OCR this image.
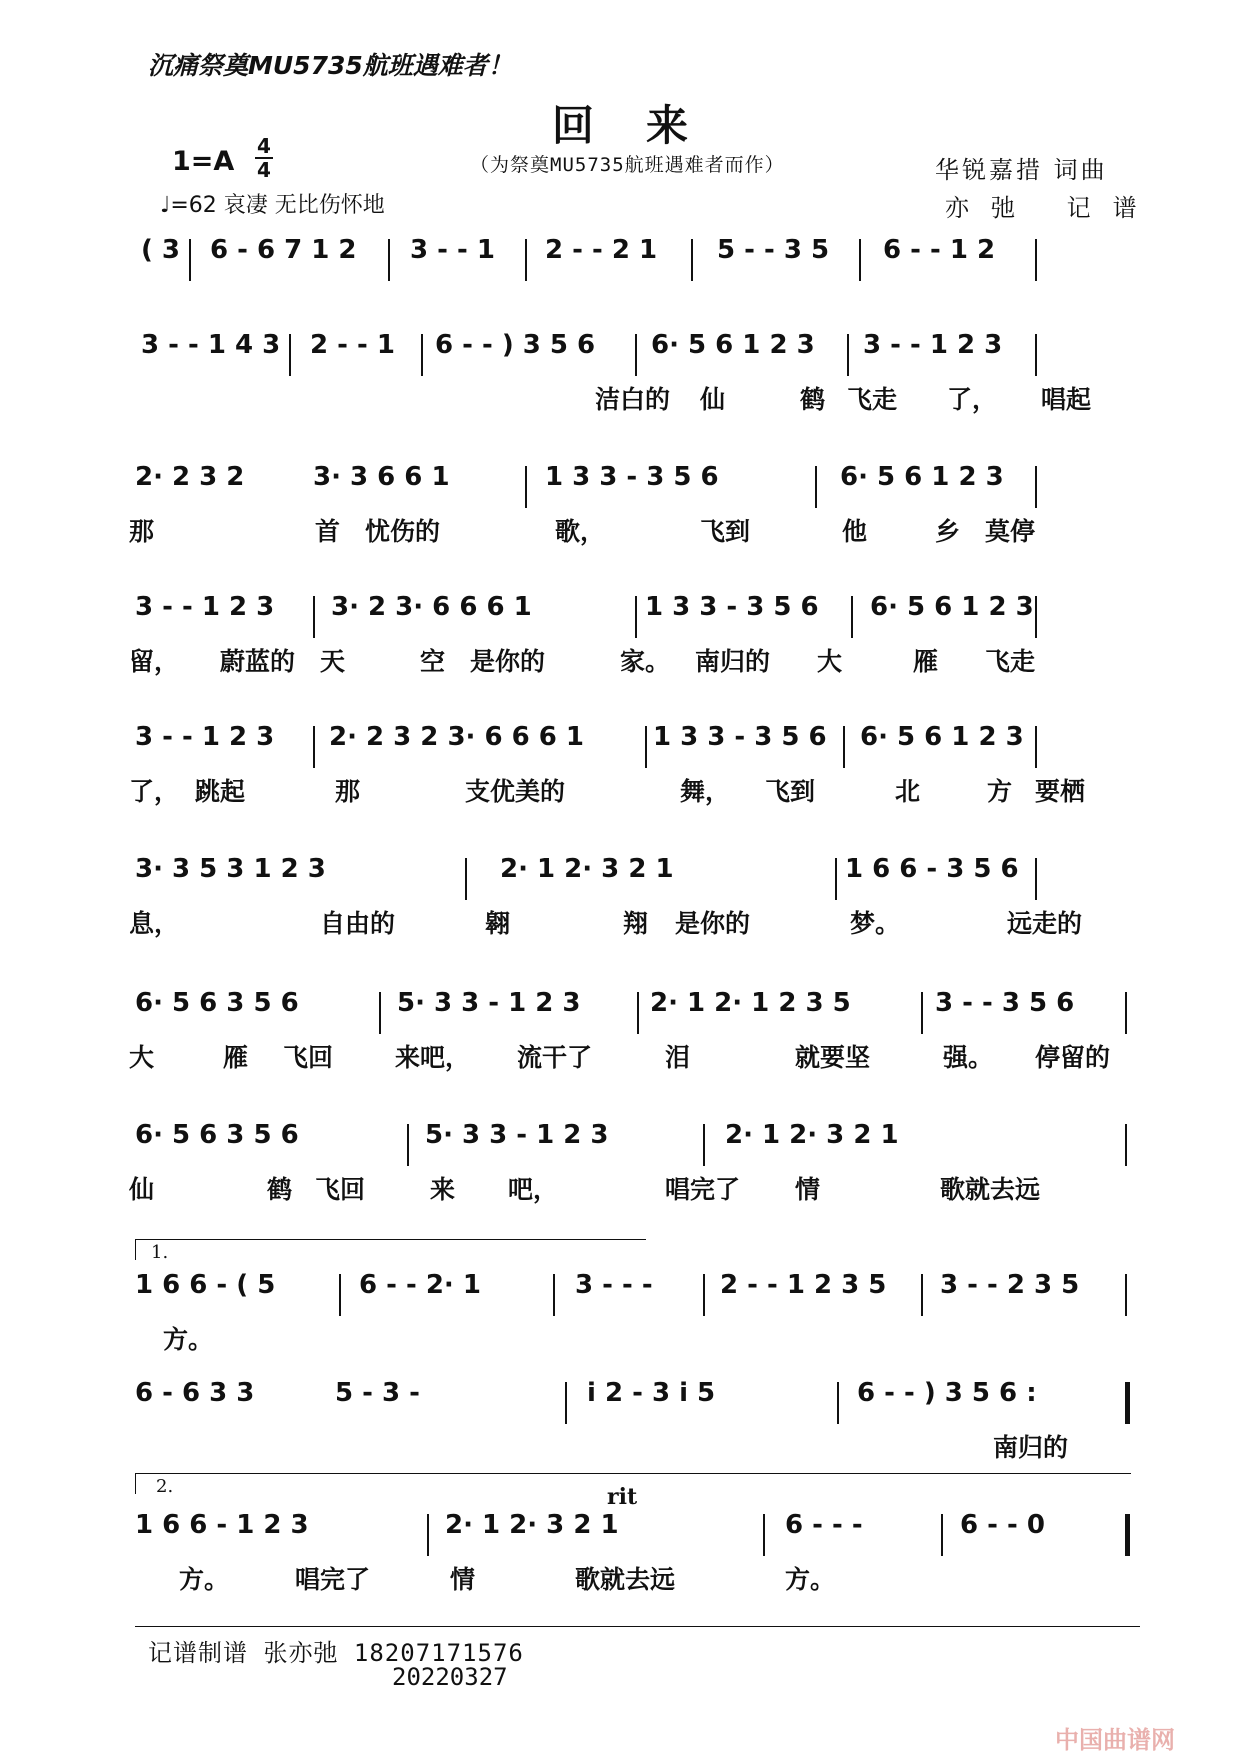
沉痛祭奠MU5735航班遇难者！
回来
（为祭奠MU5735航班遇难者而作）
1=A 4
4
♩=62 哀凄 无比伤怀地
华锐嘉措 词曲
亦弛 记谱
( 3 6 - 6 7 1 2 3 - - 1 2 - - 2 1 5 - - 3 5 6 - - 1 2
3 - - 1 4 3 2 - - 1 6 - - ) 3 5 6 6· 5 6 1 2 3 3 - - 1 2 3
洁白的 仙	鹤 飞走 了， 唱起
2· 2 3 2	3· 3 6 6 1	1 3 3 - 3 5 6	6· 5 6 1 2 3
那	首 忧伤的	歌，	飞到	他	乡 莫停
3 - - 1 2 3 3· 2 3· 6 6 6 1	1 3 3 - 3 5 6 6· 5 6 1 2 3
留， 蔚蓝的 天	空 是你的	家。 南归的 大	雁 飞走
3 - - 1 2 3 2· 2 3 2 3· 6 6 6 1	1 3 3 - 3 5 6 6· 5 6 1 2 3
了， 跳起	那	支优美的	舞， 飞到	北	方 要栖
3· 3 5 3 1 2 3	2· 1 2· 3 2 1	1 6 6 - 3 5 6
息，	自由的	翱	翔 是你的	梦。	远走的
6· 5 6 3 5 6	5· 3 3 - 1 2 3	2· 1 2· 1 2 3 5	3 - - 3 5 6
大	雁 飞回 来吧， 流干了	泪	就要坚	强。 停留的
6· 5 6 3 5 6	5· 3 3 - 1 2 3	2· 1 2· 3 2 1
仙	鹤 飞回	来 吧，	唱完了 情	歌就去远
1.
1 6 6 - ( 5	6 - - 2· 1	3 - - -	2 - - 1 2 3 5 3 - - 2 3 5
方。
6 - 6 3 3	5 - 3 -	i 2 - 3 i 5	6 - - ) 3 5 6 :
南归的
2.	rit
1 6 6 - 1 2 3	2· 1 2· 3 2 1	6 - - -	6 - - 0
方。	唱完了	情	歌就去远	方。
记谱制谱 张亦弛 18207171576
20220327
中国曲谱网
